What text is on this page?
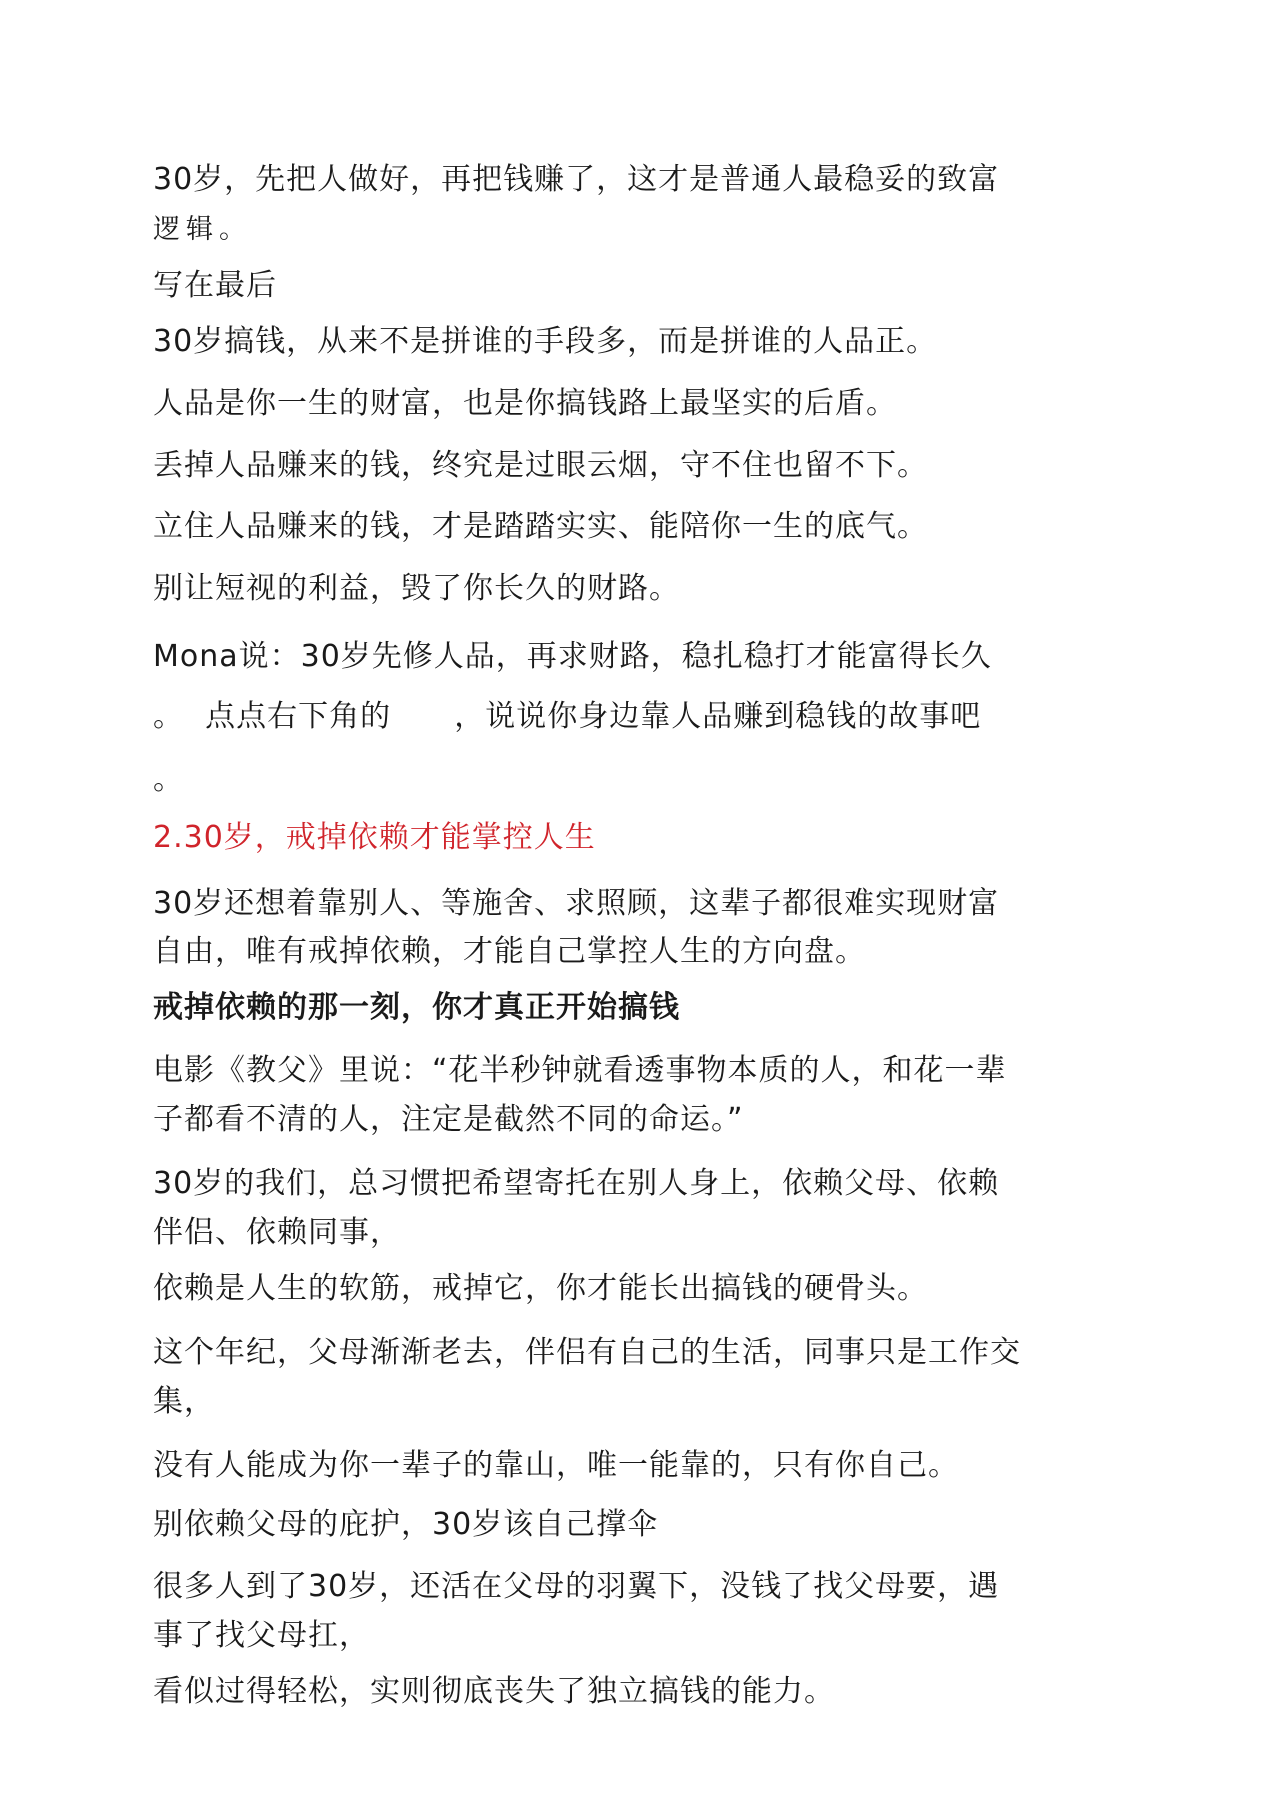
30岁，先把人做好，再把钱赚了，这才是普通人最稳妥的致富
逻辑。
写在最后
30岁搞钱，从来不是拼谁的手段多，而是拼谁的人品正。
人品是你一生的财富，也是你搞钱路上最坚实的后盾。
丢掉人品赚来的钱，终究是过眼云烟，守不住也留不下。
立住人品赚来的钱，才是踏踏实实、能陪你一生的底气。
别让短视的利益，毁了你长久的财路。
Mona说：30岁先修人品，再求财路，稳扎稳打才能富得长久
。  点点右下角的      ，说说你身边靠人品赚到稳钱的故事吧
。
2.30岁，戒掉依赖才能掌控人生
30岁还想着靠别人、等施舍、求照顾，这辈子都很难实现财富
自由，唯有戒掉依赖，才能自己掌控人生的方向盘。
戒掉依赖的那一刻，你才真正开始搞钱
电影《教父》里说：“花半秒钟就看透事物本质的人，和花一辈
子都看不清的人，注定是截然不同的命运。”
30岁的我们，总习惯把希望寄托在别人身上，依赖父母、依赖
伴侣、依赖同事，
依赖是人生的软筋，戒掉它，你才能长出搞钱的硬骨头。
这个年纪，父母渐渐老去，伴侣有自己的生活，同事只是工作交
集，
没有人能成为你一辈子的靠山，唯一能靠的，只有你自己。
别依赖父母的庇护，30岁该自己撑伞
很多人到了30岁，还活在父母的羽翼下，没钱了找父母要，遇
事了找父母扛，
看似过得轻松，实则彻底丧失了独立搞钱的能力。
